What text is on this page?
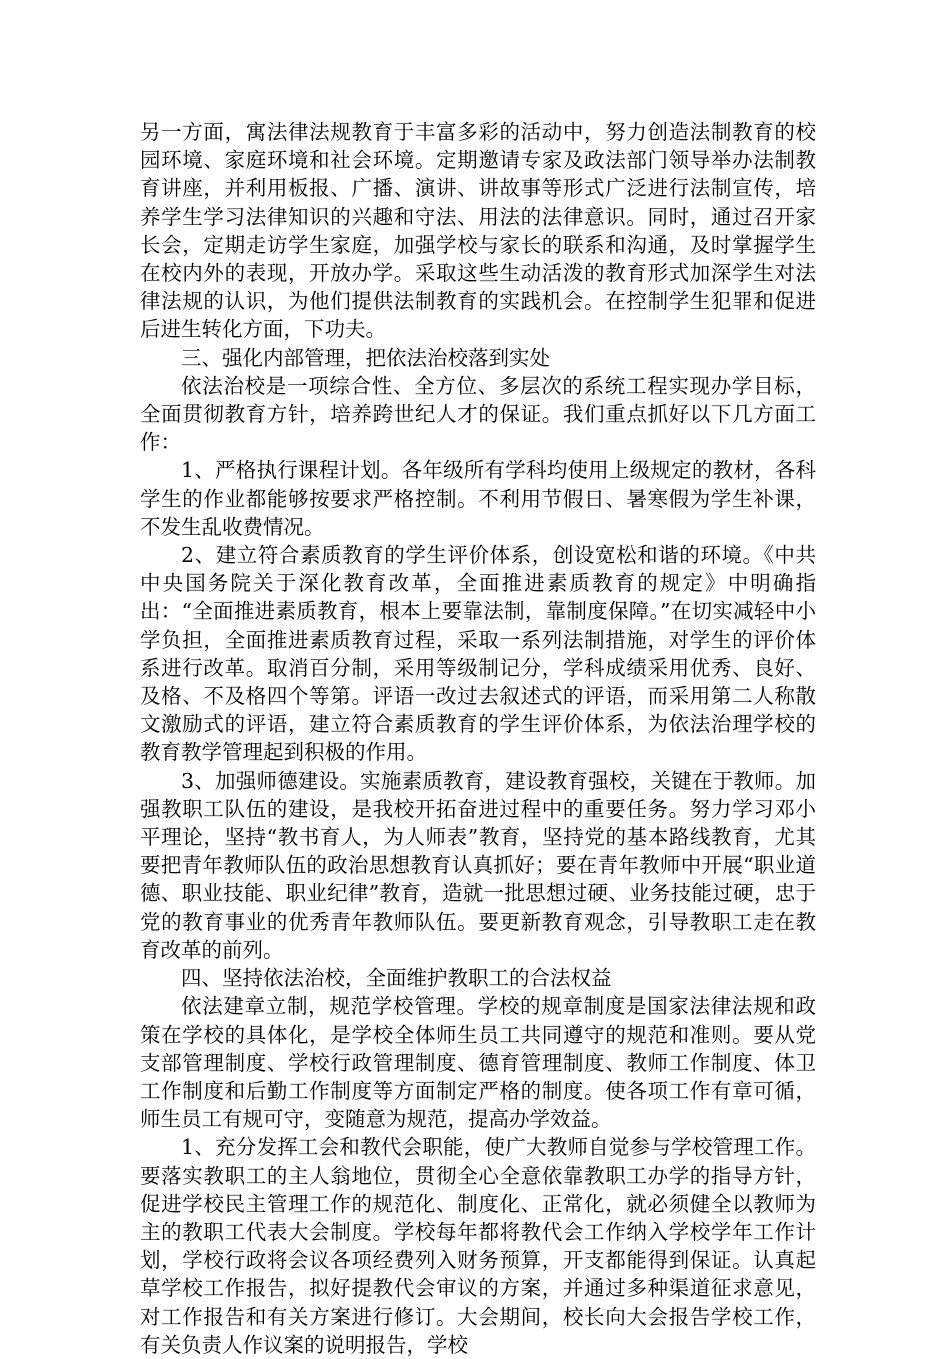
另一方面，寓法律法规教育于丰富多彩的活动中，努力创造法制教育的校园环境、家庭环境和社会环境。定期邀请专家及政法部门领导举办法制教育讲座，并利用板报、广播、演讲、讲故事等形式广泛进行法制宣传，培养学生学习法律知识的兴趣和守法、用法的法律意识。同时，通过召开家长会，定期走访学生家庭，加强学校与家长的联系和沟通，及时掌握学生在校内外的表现，开放办学。采取这些生动活泼的教育形式加深学生对法律法规的认识，为他们提供法制教育的实践机会。在控制学生犯罪和促进后进生转化方面，下功夫。

三、强化内部管理，把依法治校落到实处

依法治校是一项综合性、全方位、多层次的系统工程实现办学目标，全面贯彻教育方针，培养跨世纪人才的保证。我们重点抓好以下几方面工作：

1、严格执行课程计划。各年级所有学科均使用上级规定的教材，各科学生的作业都能够按要求严格控制。不利用节假日、暑寒假为学生补课，不发生乱收费情况。

2、建立符合素质教育的学生评价体系，创设宽松和谐的环境。《中共中央国务院关于深化教育改革，全面推进素质教育的规定》中明确指出：“全面推进素质教育，根本上要靠法制，靠制度保障。”在切实减轻中小学负担，全面推进素质教育过程，采取一系列法制措施，对学生的评价体系进行改革。取消百分制，采用等级制记分，学科成绩采用优秀、良好、及格、不及格四个等第。评语一改过去叙述式的评语，而采用第二人称散文激励式的评语，建立符合素质教育的学生评价体系，为依法治理学校的教育教学管理起到积极的作用。

3、加强师德建设。实施素质教育，建设教育强校，关键在于教师。加强教职工队伍的建设，是我校开拓奋进过程中的重要任务。努力学习邓小平理论，坚持“教书育人，为人师表”教育，坚持党的基本路线教育，尤其要把青年教师队伍的政治思想教育认真抓好；要在青年教师中开展“职业道德、职业技能、职业纪律”教育，造就一批思想过硬、业务技能过硬，忠于党的教育事业的优秀青年教师队伍。要更新教育观念，引导教职工走在教育改革的前列。

四、坚持依法治校，全面维护教职工的合法权益

依法建章立制，规范学校管理。学校的规章制度是国家法律法规和政策在学校的具体化，是学校全体师生员工共同遵守的规范和准则。要从党支部管理制度、学校行政管理制度、德育管理制度、教师工作制度、体卫工作制度和后勤工作制度等方面制定严格的制度。使各项工作有章可循，师生员工有规可守，变随意为规范，提高办学效益。

1、充分发挥工会和教代会职能，使广大教师自觉参与学校管理工作。要落实教职工的主人翁地位，贯彻全心全意依靠教职工办学的指导方针，促进学校民主管理工作的规范化、制度化、正常化，就必须健全以教师为主的教职工代表大会制度。学校每年都将教代会工作纳入学校学年工作计划，学校行政将会议各项经费列入财务预算，开支都能得到保证。认真起草学校工作报告，拟好提教代会审议的方案，并通过多种渠道征求意见，对工作报告和有关方案进行修订。大会期间，校长向大会报告学校工作，有关负责人作议案的说明报告，学校
